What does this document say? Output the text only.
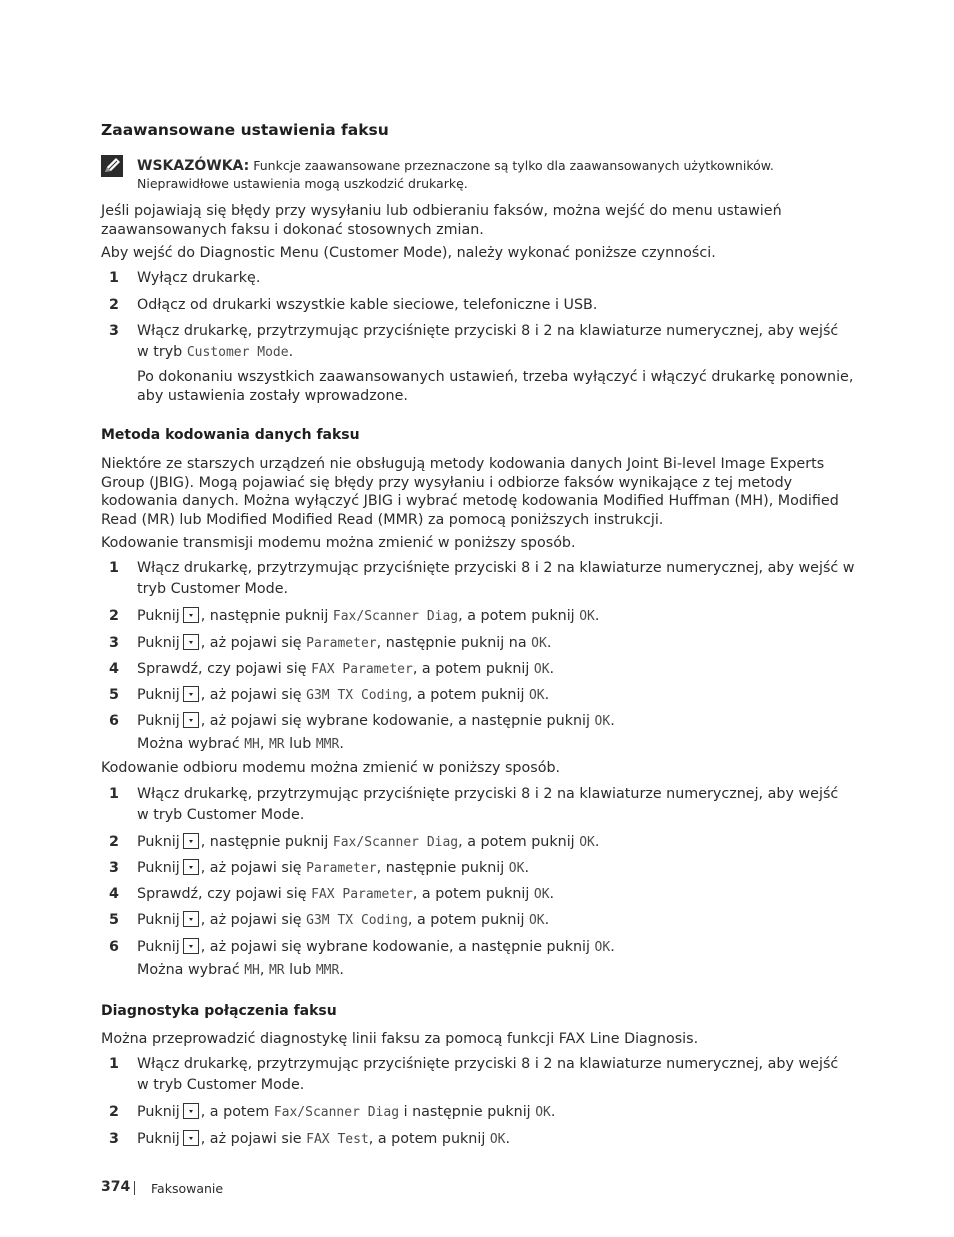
Zaawansowane ustawienia faksu
WSKAZÓWKA: Funkcje zaawansowane przeznaczone są tylko dla zaawansowanych użytkowników.
Nieprawidłowe ustawienia mogą uszkodzić drukarkę.
Jeśli pojawiają się błędy przy wysyłaniu lub odbieraniu faksów, można wejść do menu ustawień
zaawansowanych faksu i dokonać stosownych zmian.
Aby wejść do Diagnostic Menu (Customer Mode), należy wykonać poniższe czynności.
1	Wyłącz drukarkę.
2	Odłącz od drukarki wszystkie kable sieciowe, telefoniczne i USB.
3	Włącz drukarkę, przytrzymując przyciśnięte przyciski 8 i 2 na klawiaturze numerycznej, aby wejść
w tryb Customer Mode.
Po dokonaniu wszystkich zaawansowanych ustawień, trzeba wyłączyć i włączyć drukarkę ponownie,
aby ustawienia zostały wprowadzone.
Metoda kodowania danych faksu
Niektóre ze starszych urządzeń nie obsługują metody kodowania danych Joint Bi-level Image Experts
Group (JBIG). Mogą pojawiać się błędy przy wysyłaniu i odbiorze faksów wynikające z tej metody
kodowania danych. Można wyłączyć JBIG i wybrać metodę kodowania Modified Huffman (MH), Modified
Read (MR) lub Modified Modified Read (MMR) za pomocą poniższych instrukcji.
Kodowanie transmisji modemu można zmienić w poniższy sposób.
1	Włącz drukarkę, przytrzymując przyciśnięte przyciski 8 i 2 na klawiaturze numerycznej, aby wejść w
tryb Customer Mode.
2	Puknij , następnie puknij Fax/Scanner Diag, a potem puknij OK.
3	Puknij , aż pojawi się Parameter, następnie puknij na OK.
4	Sprawdź, czy pojawi się FAX Parameter, a potem puknij OK.
5	Puknij , aż pojawi się G3M TX Coding, a potem puknij OK.
6	Puknij , aż pojawi się wybrane kodowanie, a następnie puknij OK.
Można wybrać MH, MR lub MMR.
Kodowanie odbioru modemu można zmienić w poniższy sposób.
1	Włącz drukarkę, przytrzymując przyciśnięte przyciski 8 i 2 na klawiaturze numerycznej, aby wejść
w tryb Customer Mode.
2	Puknij , następnie puknij Fax/Scanner Diag, a potem puknij OK.
3	Puknij , aż pojawi się Parameter, następnie puknij OK.
4	Sprawdź, czy pojawi się FAX Parameter, a potem puknij OK.
5	Puknij , aż pojawi się G3M TX Coding, a potem puknij OK.
6	Puknij , aż pojawi się wybrane kodowanie, a następnie puknij OK.
Można wybrać MH, MR lub MMR.
Diagnostyka połączenia faksu
Można przeprowadzić diagnostykę linii faksu za pomocą funkcji FAX Line Diagnosis.
1	Włącz drukarkę, przytrzymując przyciśnięte przyciski 8 i 2 na klawiaturze numerycznej, aby wejść
w tryb Customer Mode.
2	Puknij , a potem Fax/Scanner Diag i następnie puknij OK.
3	Puknij , aż pojawi sie FAX Test, a potem puknij OK.
374 Faksowanie
